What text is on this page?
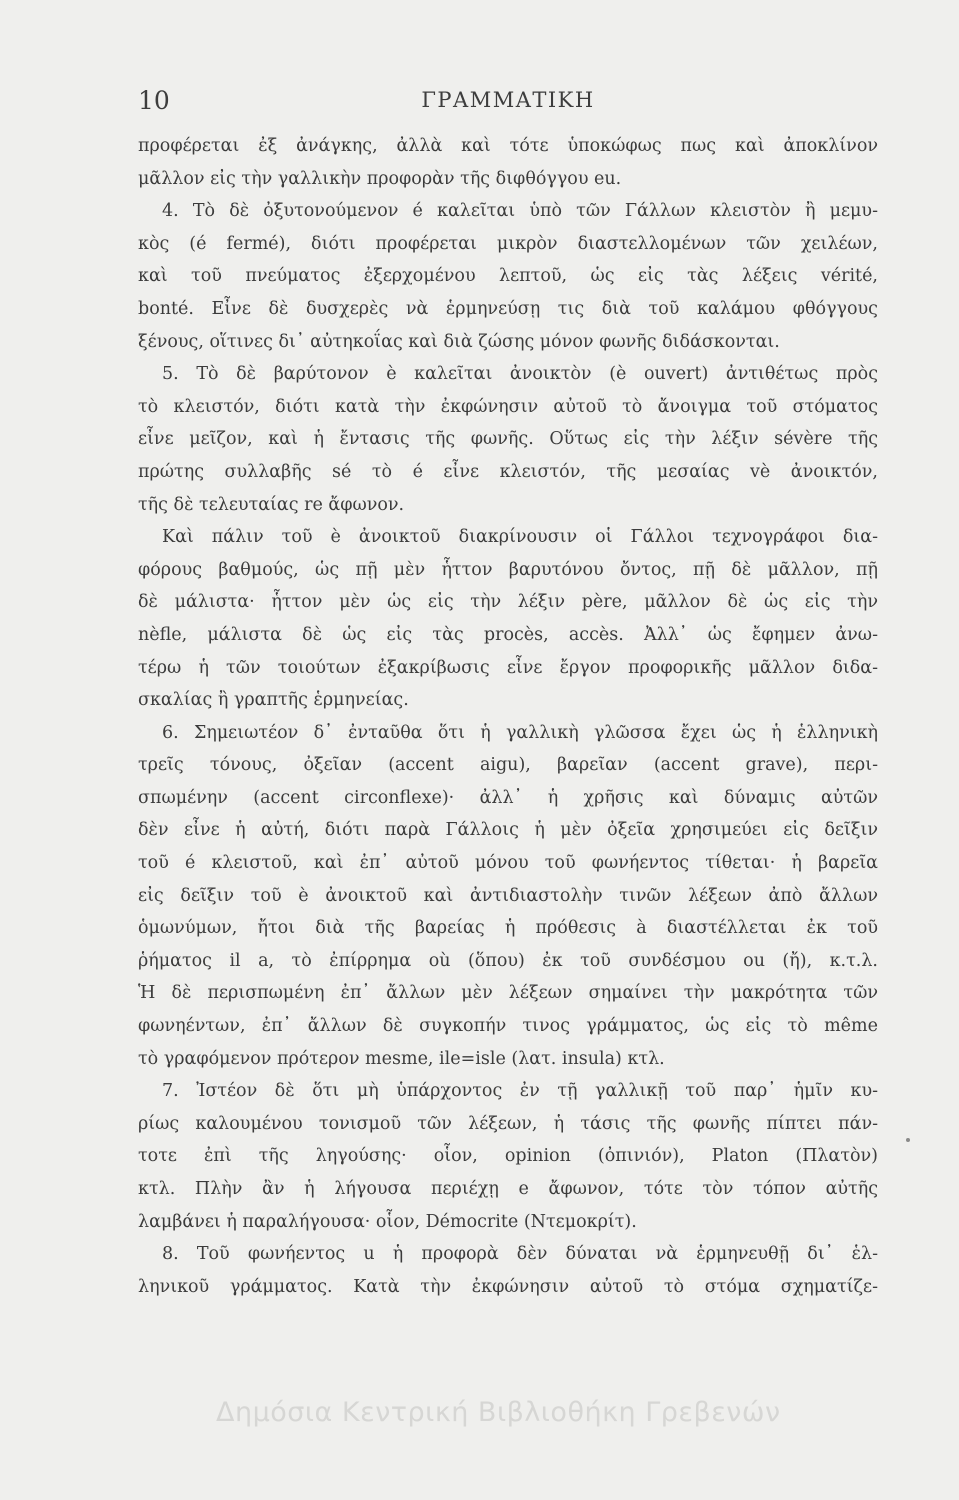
10	ΓΡΑΜΜΑΤΙΚΗ
προφέρεται ἐξ ἀνάγκης, ἀλλὰ καὶ τότε ὑποκώφως πως καὶ ἀποκλίνον
μᾶλλον εἰς τὴν γαλλικὴν προφορὰν τῆς διφθόγγου eu.
4. Τὸ δὲ ὀξυτονούμενον é καλεῖται ὑπὸ τῶν Γάλλων κλειστὸν ἢ μεμυ-
κὸς (é fermé), διότι προφέρεται μικρὸν διαστελλομένων τῶν χειλέων,
καὶ τοῦ πνεύματος ἐξερχομένου λεπτοῦ, ὡς εἰς τὰς λέξεις vérité,
bonté. Εἶνε δὲ δυσχερὲς νὰ ἑρμηνεύσῃ τις διὰ τοῦ καλάμου φθόγγους
ξένους, οἵτινες δι᾽ αὐτηκοΐας καὶ διὰ ζώσης μόνον φωνῆς διδάσκονται.
5. Τὸ δὲ βαρύτονον è καλεῖται ἀνοικτὸν (è ouvert) ἀντιθέτως πρὸς
τὸ κλειστόν, διότι κατὰ τὴν ἐκφώνησιν αὐτοῦ τὸ ἄνοιγμα τοῦ στόματος
εἶνε μεῖζον, καὶ ἡ ἔντασις τῆς φωνῆς. Οὕτως εἰς τὴν λέξιν sévère τῆς
πρώτης συλλαβῆς sé τὸ é εἶνε κλειστόν, τῆς μεσαίας vè ἀνοικτόν,
τῆς δὲ τελευταίας re ἄφωνον.
Καὶ πάλιν τοῦ è ἀνοικτοῦ διακρίνουσιν οἱ Γάλλοι τεχνογράφοι δια-
φόρους βαθμούς, ὡς πῇ μὲν ἧττον βαρυτόνου ὄντος, πῇ δὲ μᾶλλον, πῇ
δὲ μάλιστα· ἧττον μὲν ὡς εἰς τὴν λέξιν père, μᾶλλον δὲ ὡς εἰς τὴν
nèfle, μάλιστα δὲ ὡς εἰς τὰς procès, accès. Ἀλλ᾽ ὡς ἔφημεν ἀνω-
τέρω ἡ τῶν τοιούτων ἐξακρίβωσις εἶνε ἔργον προφορικῆς μᾶλλον διδα-
σκαλίας ἢ γραπτῆς ἑρμηνείας.
6. Σημειωτέον δ᾽ ἐνταῦθα ὅτι ἡ γαλλικὴ γλῶσσα ἔχει ὡς ἡ ἑλληνικὴ
τρεῖς τόνους, ὀξεῖαν (accent aigu), βαρεῖαν (accent grave), περι-
σπωμένην (accent circonflexe)· ἀλλ᾽ ἡ χρῆσις καὶ δύναμις αὐτῶν
δὲν εἶνε ἡ αὐτή, διότι παρὰ Γάλλοις ἡ μὲν ὀξεῖα χρησιμεύει εἰς δεῖξιν
τοῦ é κλειστοῦ, καὶ ἐπ᾽ αὐτοῦ μόνου τοῦ φωνήεντος τίθεται· ἡ βαρεῖα
εἰς δεῖξιν τοῦ è ἀνοικτοῦ καὶ ἀντιδιαστολὴν τινῶν λέξεων ἀπὸ ἄλλων
ὁμωνύμων, ἤτοι διὰ τῆς βαρείας ἡ πρόθεσις à διαστέλλεται ἐκ τοῦ
ῥήματος il a, τὸ ἐπίρρημα où (ὅπου) ἐκ τοῦ συνδέσμου ou (ἤ), κ.τ.λ.
Ἡ δὲ περισπωμένη ἐπ᾽ ἄλλων μὲν λέξεων σημαίνει τὴν μακρότητα τῶν
φωνηέντων, ἐπ᾽ ἄλλων δὲ συγκοπήν τινος γράμματος, ὡς εἰς τὸ même
τὸ γραφόμενον πρότερον mesme, ile=isle (λατ. insula) κτλ.
7. Ἰστέον δὲ ὅτι μὴ ὑπάρχοντος ἐν τῇ γαλλικῇ τοῦ παρ᾽ ἡμῖν κυ-
ρίως καλουμένου τονισμοῦ τῶν λέξεων, ἡ τάσις τῆς φωνῆς πίπτει πάν-
τοτε ἐπὶ τῆς ληγούσης· οἷον, opinion (ὀπινιόν), Platon (Πλατὸν)
κτλ. Πλὴν ἂν ἡ λήγουσα περιέχῃ e ἄφωνον, τότε τὸν τόπον αὐτῆς
λαμβάνει ἡ παραλήγουσα· οἷον, Démocrite (Ντεμοκρίτ).
8. Τοῦ φωνήεντος u ἡ προφορὰ δὲν δύναται νὰ ἑρμηνευθῇ δι᾽ ἑλ-
ληνικοῦ γράμματος. Κατὰ τὴν ἐκφώνησιν αὐτοῦ τὸ στόμα σχηματίζε-
Δημόσια Κεντρική Βιβλιοθήκη Γρεβενών
